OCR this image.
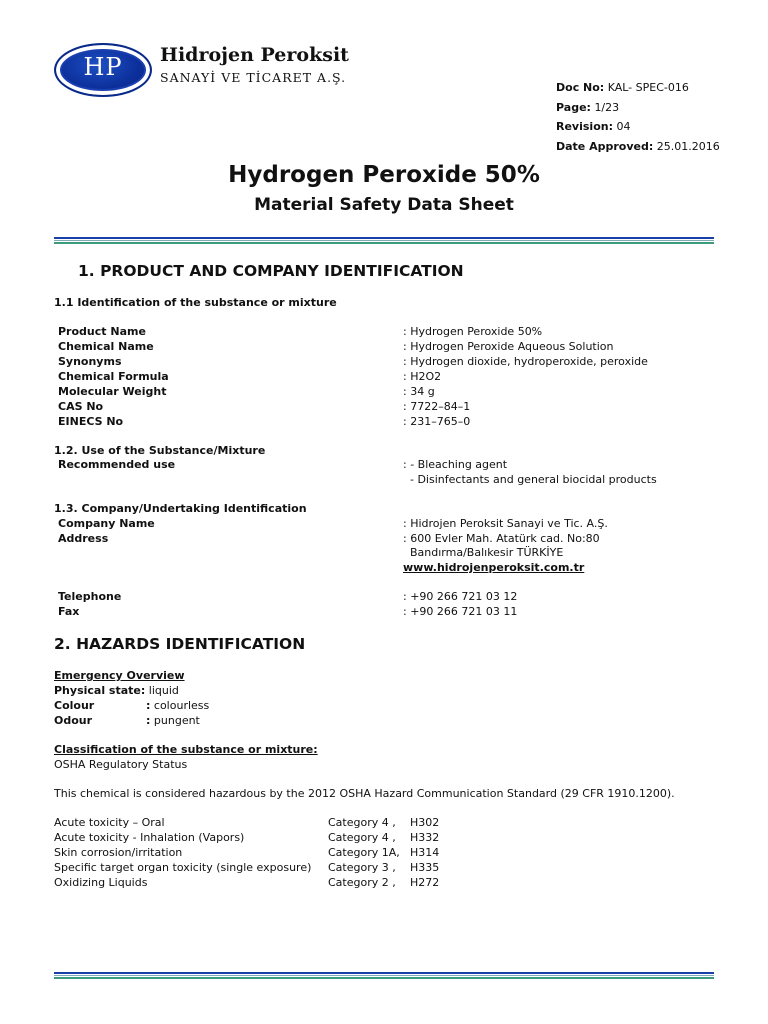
HP	Hidrojen Peroksit
SANAYİ VE TİCARET A.Ş.
Doc No: KAL- SPEC-016
Page: 1/23
Revision: 04
Date Approved: 25.01.2016
Hydrogen Peroxide 50%
Material Safety Data Sheet
1. PRODUCT AND COMPANY IDENTIFICATION
1.1 Identification of the substance or mixture
Product Name	: Hydrogen Peroxide 50%
Chemical Name	: Hydrogen Peroxide Aqueous Solution
Synonyms	: Hydrogen dioxide, hydroperoxide, peroxide
Chemical Formula	: H2O2
Molecular Weight	: 34 g
CAS No	: 7722–84–1
EINECS No	: 231–765–0
1.2. Use of the Substance/Mixture
Recommended use	: - Bleaching agent
- Disinfectants and general biocidal products
1.3. Company/Undertaking Identification
Company Name	: Hidrojen Peroksit Sanayi ve Tic. A.Ş.
Address	: 600 Evler Mah. Atatürk cad. No:80
Bandırma/Balıkesir TÜRKİYE
www.hidrojenperoksit.com.tr
Telephone	: +90 266 721 03 12
Fax	: +90 266 721 03 11
2. HAZARDS IDENTIFICATION
Emergency Overview
Physical state: liquid
Colour	: colourless
Odour	: pungent
Classification of the substance or mixture:
OSHA Regulatory Status
This chemical is considered hazardous by the 2012 OSHA Hazard Communication Standard (29 CFR 1910.1200).
Acute toxicity – Oral	Category 4 , H302
Acute toxicity - Inhalation (Vapors)	Category 4 , H332
Skin corrosion/irritation	Category 1A, H314
Specific target organ toxicity (single exposure) Category 3 , H335
Oxidizing Liquids	Category 2 , H272
